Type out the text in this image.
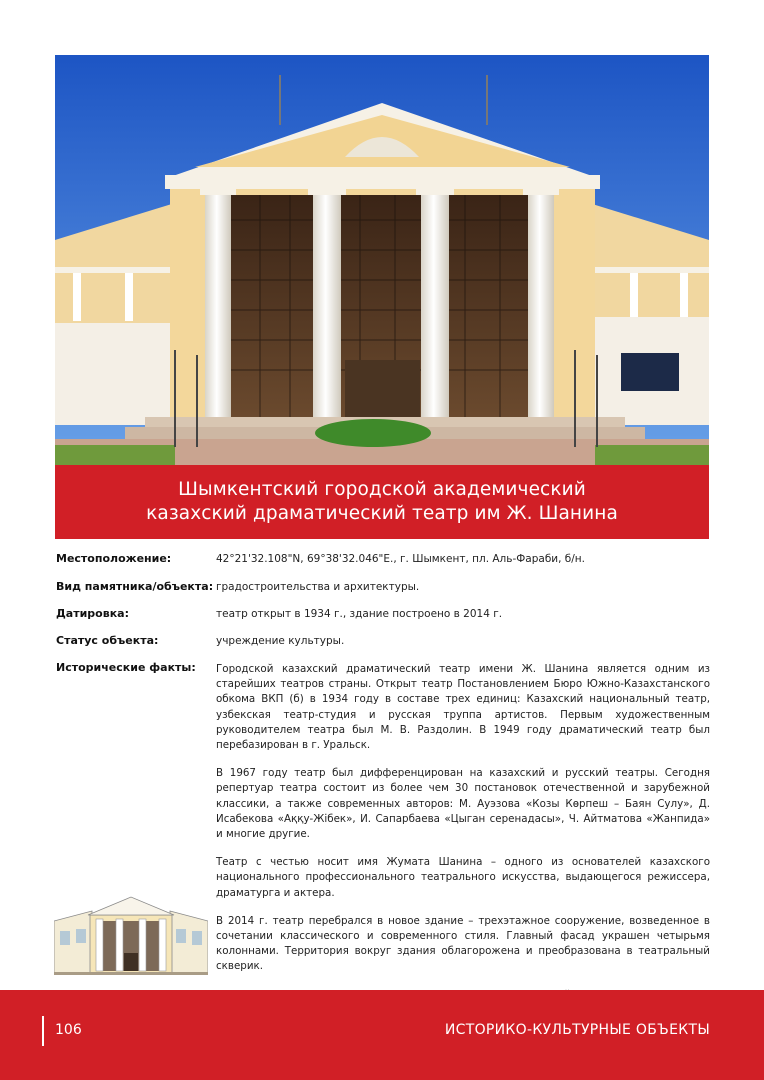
Шымкентский городской академический
казахский драматический театр им Ж. Шанина
Местоположение:	42°21'32.108"N, 69°38'32.046"E., г. Шымкент, пл. Аль-Фараби, б/н.
Вид памятника/объекта: градостроительства и архитектуры.
Датировка:	театр открыт в 1934 г., здание построено в 2014 г.
Статус объекта:	учреждение культуры.
Исторические факты: Городской казахский драматический театр имени Ж. Шанина является одним из старейших театров страны. Открыт театр Постановлением Бюро Южно-Казахстанского обкома ВКП (б) в 1934 году в составе трех единиц: Казахский национальный театр, узбекская театр-студия и русская труппа артистов. Первым художественным руководителем театра был М. В. Раздолин. В 1949 году драматический театр был перебазирован в г. Уральск.

В 1967 году театр был дифференцирован на казахский и русский театры. Сегодня репертуар театра состоит из более чем 30 постановок отечественной и зарубежной классики, а также современных авторов: М. Ауэзова «Козы Көрпеш – Баян Сулу», Д. Исабекова «Аққу-Жібек», И. Сапарбаева «Цыган серенадасы», Ч. Айтматова «Жанпида» и многие другие.

Театр с честью носит имя Жумата Шанина – одного из основателей казахского национального профессионального театрального искусства, выдающегося режиссера, драматурга и актера.

В 2014 г. театр перебрался в новое здание – трехэтажное сооружение, возведенное в сочетании классического и современного стиля. Главный фасад украшен четырьмя колоннами. Территория вокруг здания облагорожена и преобразована в театральный скверик.

106	ИСТОРИКО-КУЛЬТУРНЫЕ ОБЪЕКТЫ
